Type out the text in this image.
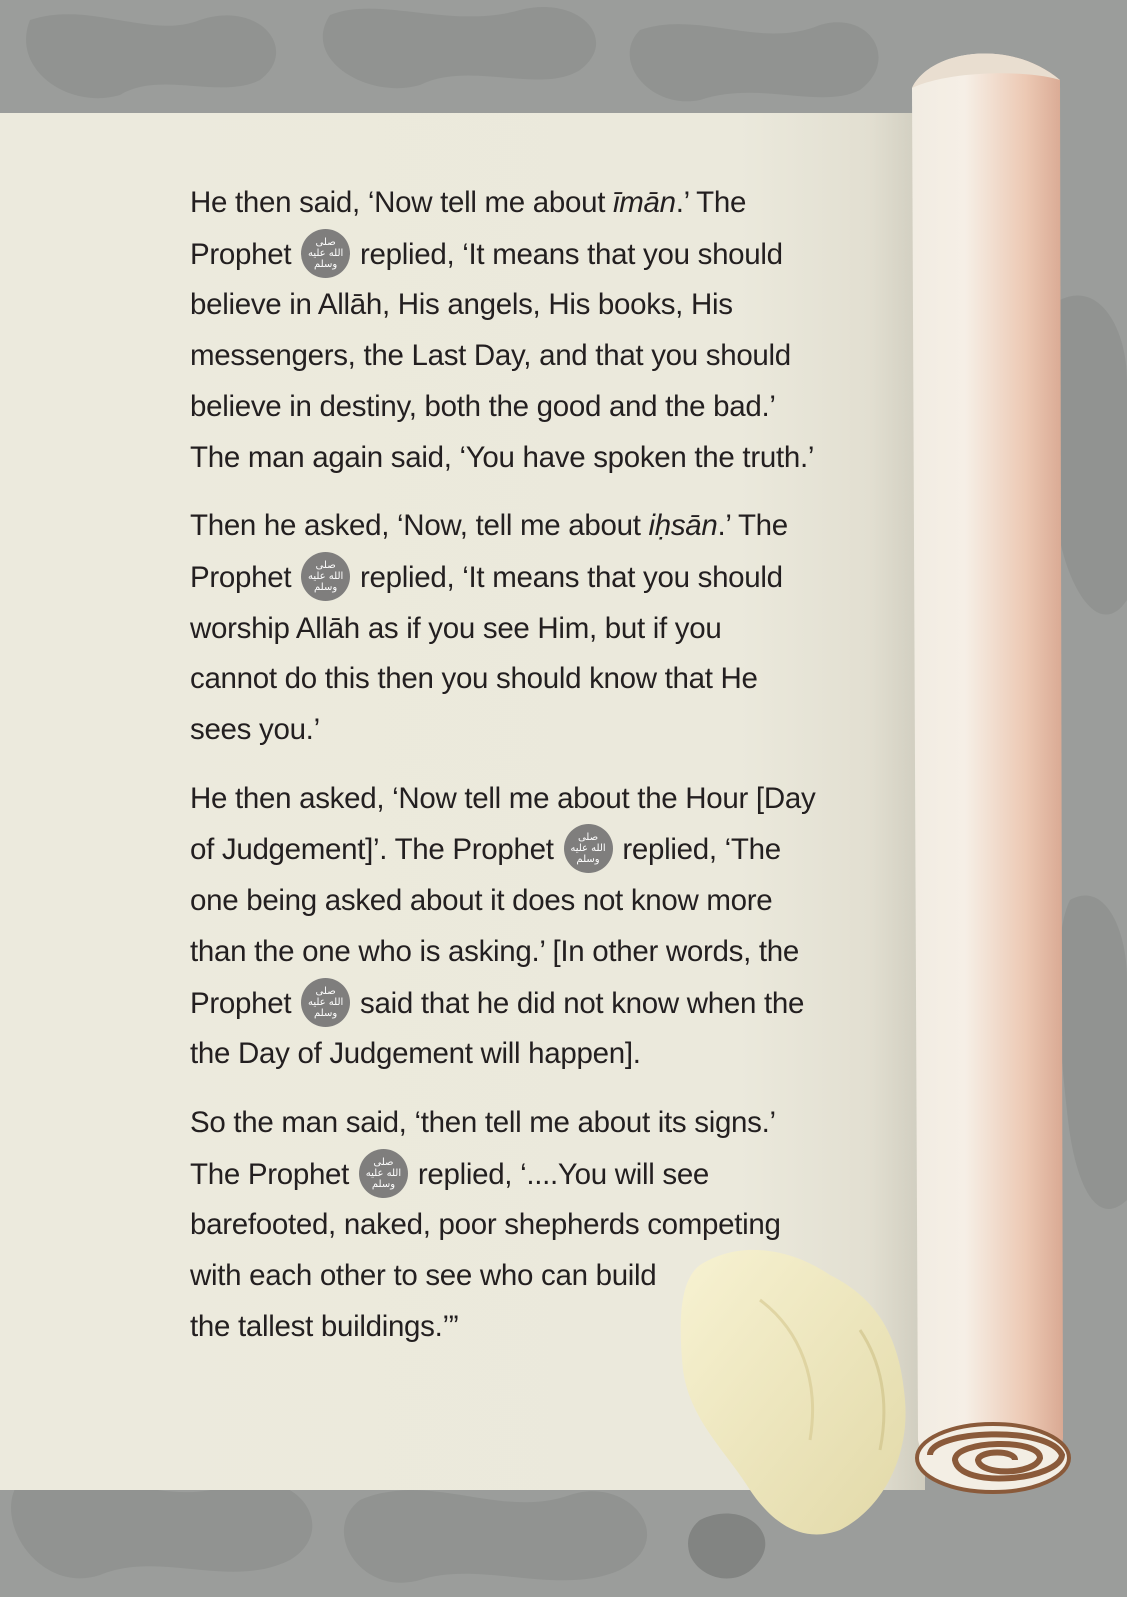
He then said, ‘Now tell me about īmān.’ The
Prophet	صلى
الله عليه
وسلم replied, ‘It means that you should
believe in Allāh, His angels, His books, His
messengers, the Last Day, and that you should
believe in destiny, both the good and the bad.’
The man again said, ‘You have spoken the truth.’

Then he asked, ‘Now, tell me about iḥsān.’ The
Prophet	صلى
الله عليه
وسلم replied, ‘It means that you should
worship Allāh as if you see Him, but if you
cannot do this then you should know that He
sees you.’

He then asked, ‘Now tell me about the Hour [Day
of Judgement]’. The Prophet	صلى
الله عليه
وسلم replied, ‘The
one being asked about it does not know more
than the one who is asking.’ [In other words, the
Prophet	صلى
الله عليه
وسلم said that he did not know when the
the Day of Judgement will happen].

So the man said, ‘then tell me about its signs.’
The Prophet	صلى
الله عليه
وسلم replied, ‘....You will see
barefooted, naked, poor shepherds competing
with each other to see who can build
the tallest buildings.’”
